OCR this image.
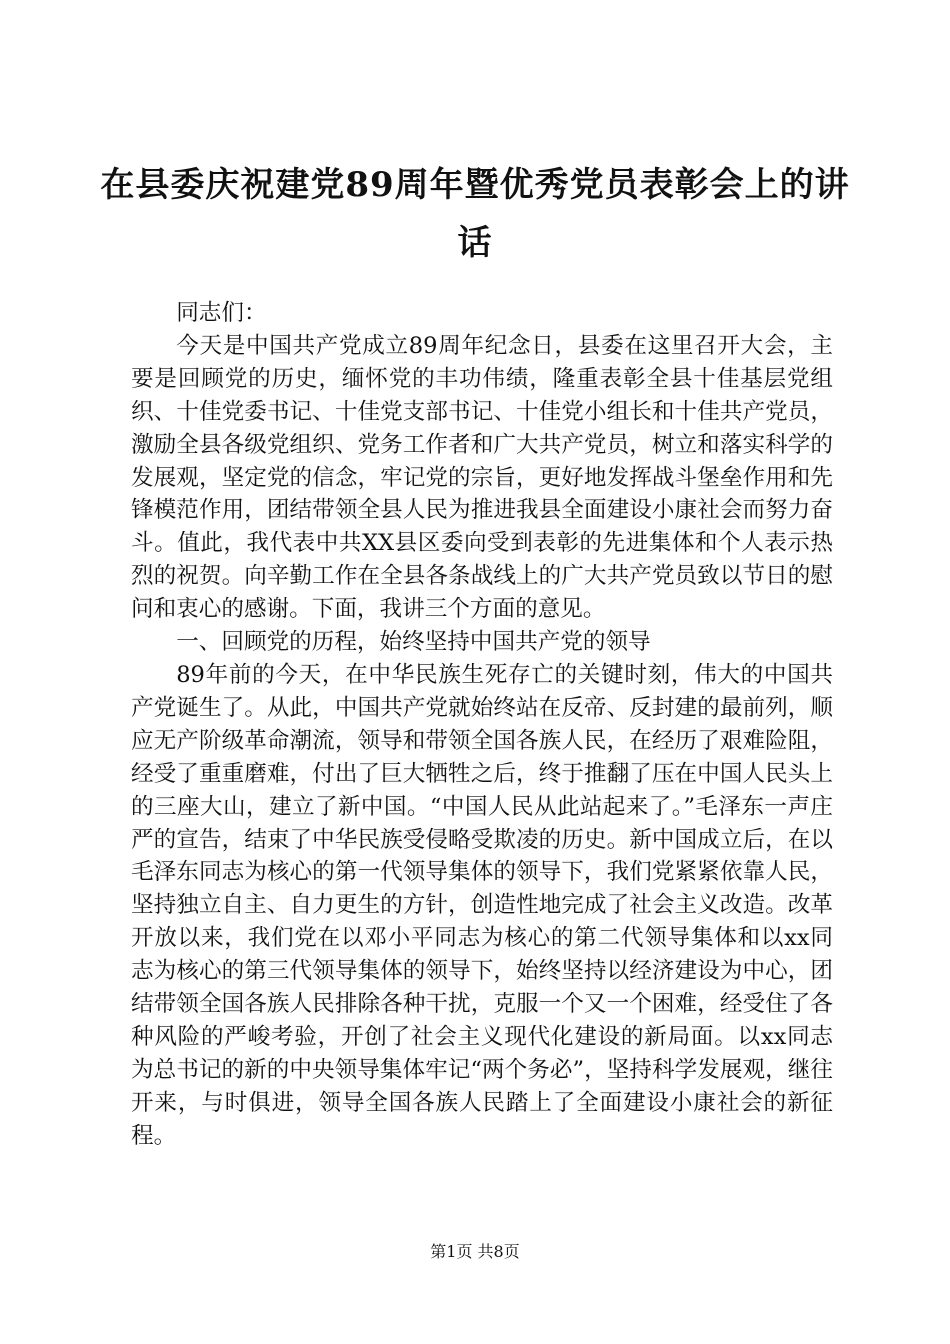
在县委庆祝建党89周年暨优秀党员表彰会上的讲话

同志们：

今天是中国共产党成立89周年纪念日，县委在这里召开大会，主要是回顾党的历史，缅怀党的丰功伟绩，隆重表彰全县十佳基层党组织、十佳党委书记、十佳党支部书记、十佳党小组长和十佳共产党员，激励全县各级党组织、党务工作者和广大共产党员，树立和落实科学的发展观，坚定党的信念，牢记党的宗旨，更好地发挥战斗堡垒作用和先锋模范作用，团结带领全县人民为推进我县全面建设小康社会而努力奋斗。值此，我代表中共XX县区委向受到表彰的先进集体和个人表示热烈的祝贺。向辛勤工作在全县各条战线上的广大共产党员致以节日的慰问和衷心的感谢。下面，我讲三个方面的意见。

一、回顾党的历程，始终坚持中国共产党的领导

89年前的今天，在中华民族生死存亡的关键时刻，伟大的中国共产党诞生了。从此，中国共产党就始终站在反帝、反封建的最前列，顺应无产阶级革命潮流，领导和带领全国各族人民，在经历了艰难险阻，经受了重重磨难，付出了巨大牺牲之后，终于推翻了压在中国人民头上的三座大山，建立了新中国。“中国人民从此站起来了。”毛泽东一声庄严的宣告，结束了中华民族受侵略受欺凌的历史。新中国成立后，在以毛泽东同志为核心的第一代领导集体的领导下，我们党紧紧依靠人民，坚持独立自主、自力更生的方针，创造性地完成了社会主义改造。改革开放以来，我们党在以邓小平同志为核心的第二代领导集体和以xx同志为核心的第三代领导集体的领导下，始终坚持以经济建设为中心，团结带领全国各族人民排除各种干扰，克服一个又一个困难，经受住了各种风险的严峻考验，开创了社会主义现代化建设的新局面。以xx同志为总书记的新的中央领导集体牢记“两个务必”，坚持科学发展观，继往开来，与时俱进，领导全国各族人民踏上了全面建设小康社会的新征程。

第1页 共8页
